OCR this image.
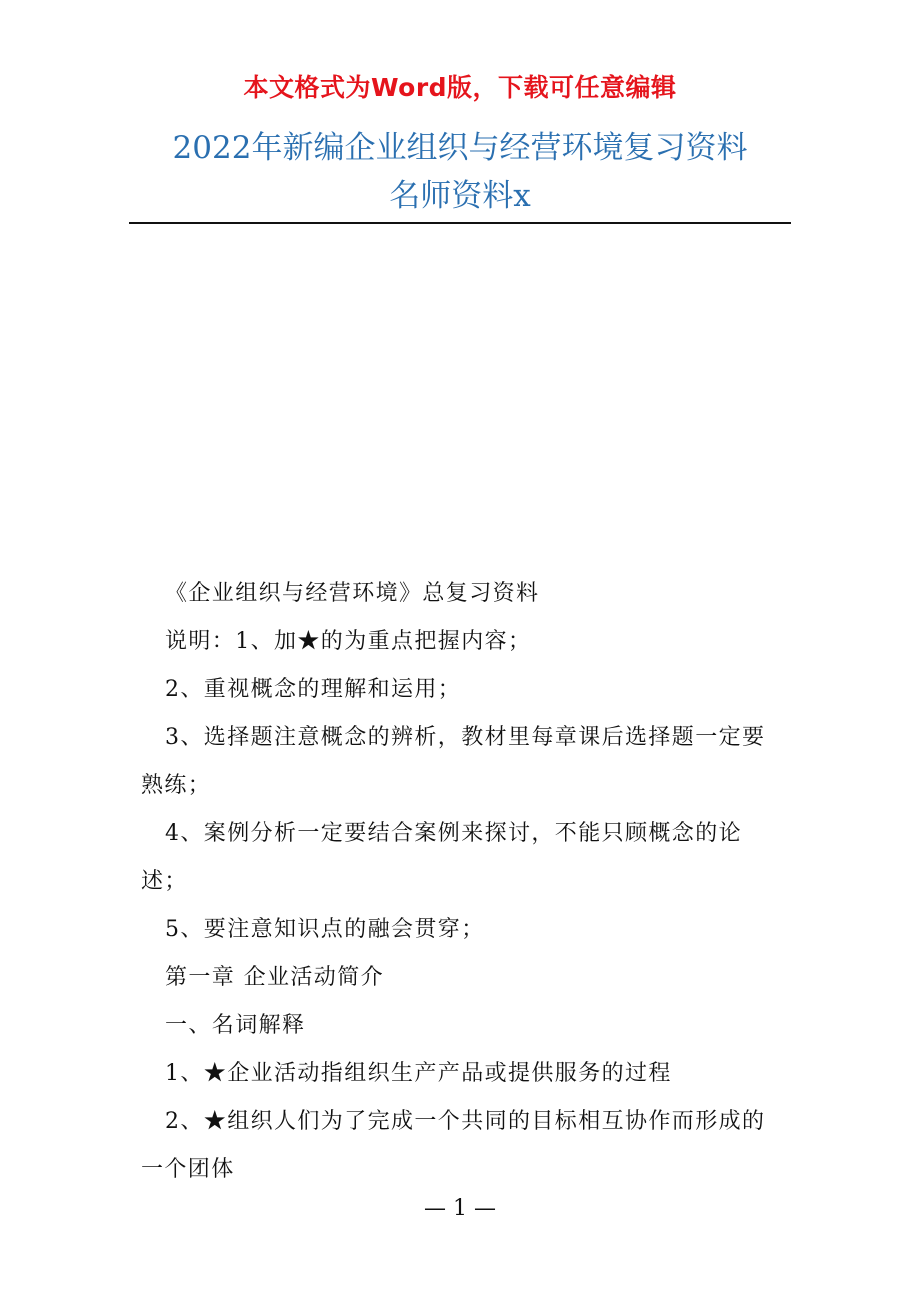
本文格式为Word版，下载可任意编辑
2022年新编企业组织与经营环境复习资料
名师资料x

《企业组织与经营环境》总复习资料

说明：1、加★的为重点把握内容；

2、重视概念的理解和运用；

3、选择题注意概念的辨析，教材里每章课后选择题一定要熟练；

4、案例分析一定要结合案例来探讨，不能只顾概念的论述；

5、要注意知识点的融会贯穿；

第一章 企业活动简介

一、名词解释

1、★企业活动指组织生产产品或提供服务的过程

2、★组织人们为了完成一个共同的目标相互协作而形成的一个团体

— 1 —
